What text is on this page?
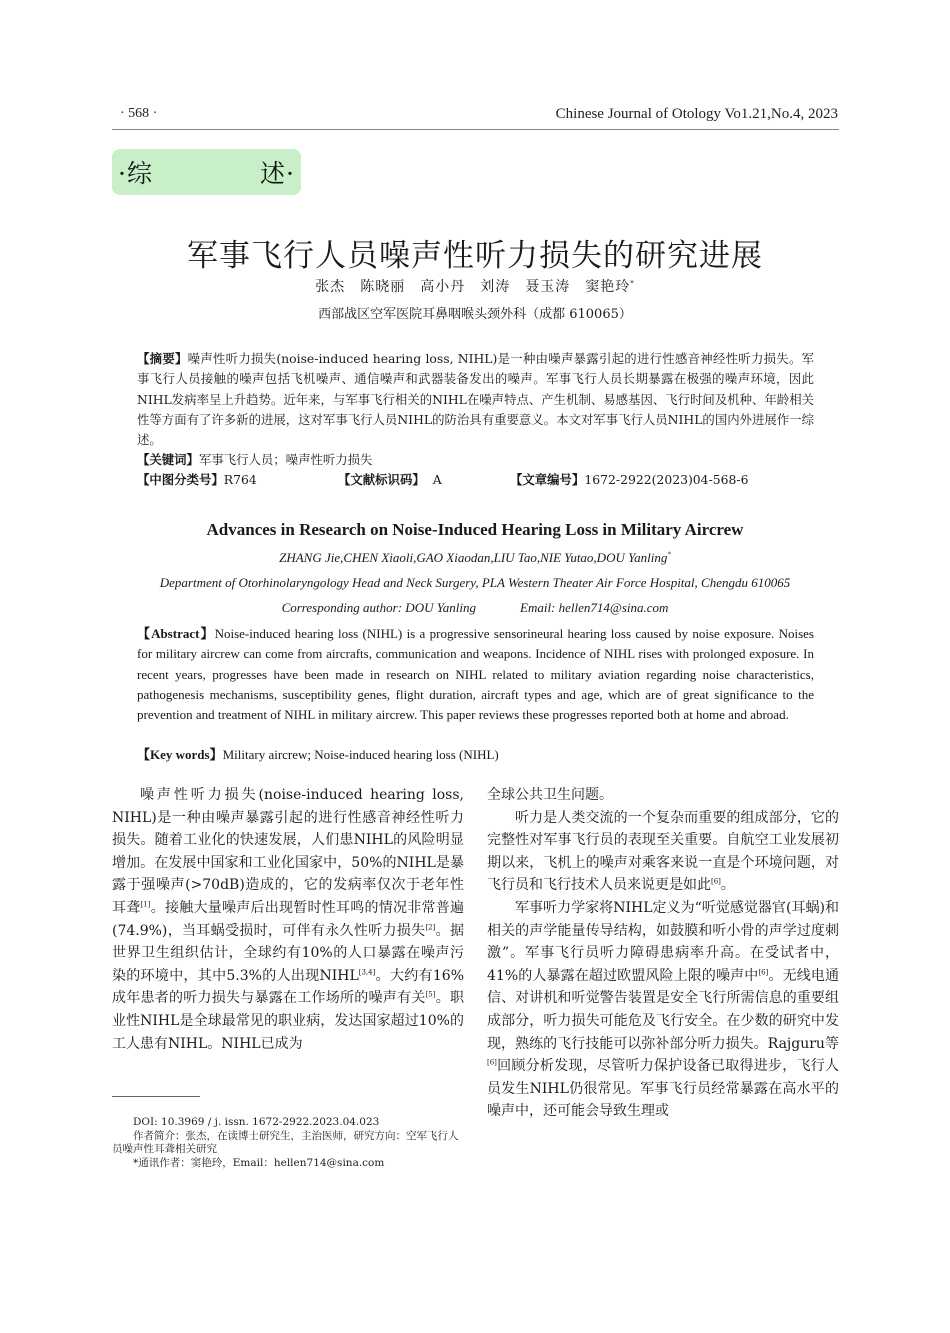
· 568 ·	Chinese Journal of Otology Vo1.21,No.4, 2023
·综	述·
军事飞行人员噪声性听力损失的研究进展
张杰　陈晓丽　高小丹　刘涛　聂玉涛　窦艳玲*
西部战区空军医院耳鼻咽喉头颈外科（成都 610065）
【摘要】噪声性听力损失(noise-induced hearing loss, NIHL)是一种由噪声暴露引起的进行性感音神经性听力损失。军事飞行人员接触的噪声包括飞机噪声、通信噪声和武器装备发出的噪声。军事飞行人员长期暴露在极强的噪声环境，因此NIHL发病率呈上升趋势。近年来，与军事飞行相关的NIHL在噪声特点、产生机制、易感基因、飞行时间及机种、年龄相关性等方面有了许多新的进展，这对军事飞行人员NIHL的防治具有重要意义。本文对军事飞行人员NIHL的国内外进展作一综述。
【关键词】军事飞行人员；噪声性听力损失
【中图分类号】R764	【文献标识码】 A	【文章编号】1672-2922(2023)04-568-6
Advances in Research on Noise-Induced Hearing Loss in Military Aircrew
ZHANG Jie,CHEN Xiaoli,GAO Xiaodan,LIU Tao,NIE Yutao,DOU Yanling*
Department of Otorhinolaryngology Head and Neck Surgery, PLA Western Theater Air Force Hospital, Chengdu 610065
Corresponding author: DOU Yanling	Email: hellen714@sina.com
【Abstract】Noise-induced hearing loss (NIHL) is a progressive sensorineural hearing loss caused by noise exposure. Noises for military aircrew can come from aircrafts, communication and weapons. Incidence of NIHL rises with prolonged exposure. In recent years, progresses have been made in research on NIHL related to military aviation regarding noise characteristics, pathogenesis mechanisms, susceptibility genes, flight duration, aircraft types and age, which are of great significance to the prevention and treatment of NIHL in military aircrew. This paper reviews these progresses reported both at home and abroad.
【Key words】Military aircrew; Noise-induced hearing loss (NIHL)

噪声性听力损失(noise-induced hearing loss, NIHL)是一种由噪声暴露引起的进行性感音神经性听力损失。随着工业化的快速发展，人们患NIHL的风险明显增加。在发展中国家和工业化国家中，50%的NIHL是暴露于强噪声(>70dB)造成的，它的发病率仅次于老年性耳聋[1]。接触大量噪声后出现暂时性耳鸣的情况非常普遍(74.9%)，当耳蜗受损时，可伴有永久性听力损失[2]。据世界卫生组织估计，全球约有10%的人口暴露在噪声污染的环境中，其中5.3%的人出现NIHL[3,4]。大约有16%成年患者的听力损失与暴露在工作场所的噪声有关[5]。职业性NIHL是全球最常见的职业病，发达国家超过10%的工人患有NIHL。NIHL已成为

全球公共卫生问题。

听力是人类交流的一个复杂而重要的组成部分，它的完整性对军事飞行员的表现至关重要。自航空工业发展初期以来，飞机上的噪声对乘客来说一直是个环境问题，对飞行员和飞行技术人员来说更是如此[6]。

军事听力学家将NIHL定义为“听觉感觉器官(耳蜗)和相关的声学能量传导结构，如鼓膜和听小骨的声学过度刺激”。军事飞行员听力障碍患病率升高。在受试者中，41%的人暴露在超过欧盟风险上限的噪声中[6]。无线电通信、对讲机和听觉警告装置是安全飞行所需信息的重要组成部分，听力损失可能危及飞行安全。在少数的研究中发现，熟练的飞行技能可以弥补部分听力损失。Rajguru等[6]回顾分析发现，尽管听力保护设备已取得进步，飞行人员发生NIHL仍很常见。军事飞行员经常暴露在高水平的噪声中，还可能会导致生理或

DOI: 10.3969 / j. issn. 1672-2922.2023.04.023

作者简介：张杰，在读博士研究生，主治医师，研究方向：空军飞行人员噪声性耳聋相关研究

*通讯作者：窦艳玲，Email：hellen714@sina.com
